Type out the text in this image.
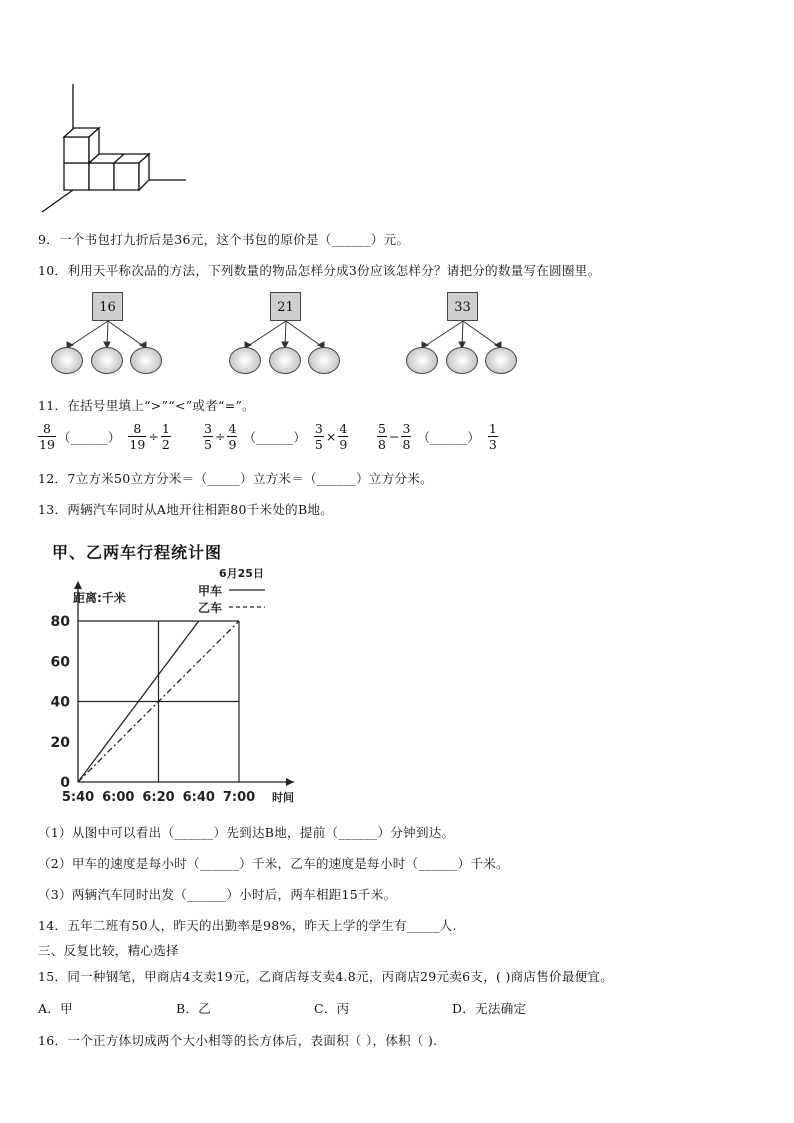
9．一个书包打九折后是36元，这个书包的原价是（______）元。
10．利用天平称次品的方法，下列数量的物品怎样分成3份应该怎样分？请把分的数量写在圆圈里。
16	21	33
11．在括号里填上“>”“<”或者“=”。
$\frac{8}{19}$ （______） $\frac{8}{19} \div \frac{1}{2}$	$\frac{3}{5} \div \frac{4}{9}$ （______） $\frac{3}{5} \times \frac{4}{9} \frac{5}{8} - \frac{3}{8}$ （______） $\frac{1}{3}$
12．7立方米50立方分米＝（_____）立方米＝（______）立方分米。
13．两辆汽车同时从A地开往相距80千米处的B地。
甲、乙两车行程统计图
0
20
40
60
80
5:40 6:00 6:20 6:40 7:00 时间
距离:千米
6月25日
甲车
乙车
（1）从图中可以看出（______）先到达B地，提前（______）分钟到达。
（2）甲车的速度是每小时（______）千米，乙车的速度是每小时（______）千米。
（3）两辆汽车同时出发（______）小时后，两车相距15千米。
14．五年二班有50人，昨天的出勤率是98%，昨天上学的学生有_____人.
三、反复比较，精心选择
15．同一种钢笔，甲商店4支卖19元，乙商店每支卖4.8元，丙商店29元卖6支，( )商店售价最便宜。
A．甲	B．乙	C．丙	D．无法确定
16．一个正方体切成两个大小相等的长方体后，表面积（ ），体积（ ).
